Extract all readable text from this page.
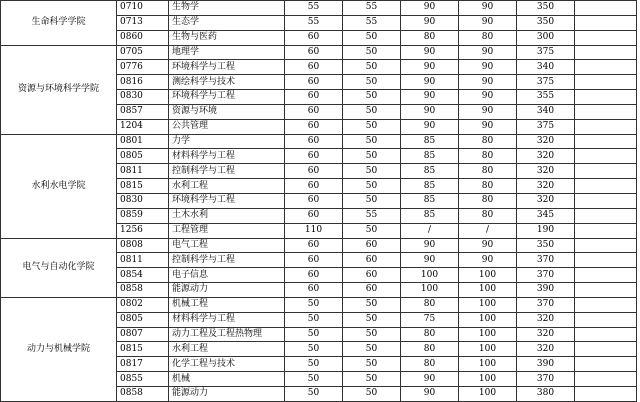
生命科学学院	0710	生物学	55	55	90	90	350	
	0713	生态学	55	55	90	90	350	
	0860	生物与医药	60	50	80	80	300	
资源与环境科学学院	0705	地理学	60	50	90	90	375	
	0776	环境科学与工程	60	50	90	90	340	
	0816	测绘科学与技术	60	50	90	90	375	
	0830	环境科学与工程	60	50	90	90	355	
	0857	资源与环境	60	50	90	90	340	
	1204	公共管理	60	50	90	90	375	
水利水电学院	0801	力学	60	50	85	80	320	
	0805	材料科学与工程	60	50	85	80	320	
	0811	控制科学与工程	60	50	85	80	320	
	0815	水利工程	60	50	85	80	320	
	0830	环境科学与工程	60	50	85	80	320	
	0859	土木水利	60	55	85	80	345	
	1256	工程管理	110	50	/	/	190	
电气与自动化学院	0808	电气工程	60	60	90	90	350	
	0811	控制科学与工程	60	60	90	90	370	
	0854	电子信息	60	60	100	100	370	
	0858	能源动力	60	60	100	100	390	
动力与机械学院	0802	机械工程	50	50	80	100	370	
	0805	材料科学与工程	50	50	75	100	320	
	0807	动力工程及工程热物理	50	50	80	100	320	
	0815	水利工程	50	50	80	100	320	
	0817	化学工程与技术	50	50	80	100	390	
	0855	机械	50	50	90	100	370	
	0858	能源动力	50	50	90	100	380	
